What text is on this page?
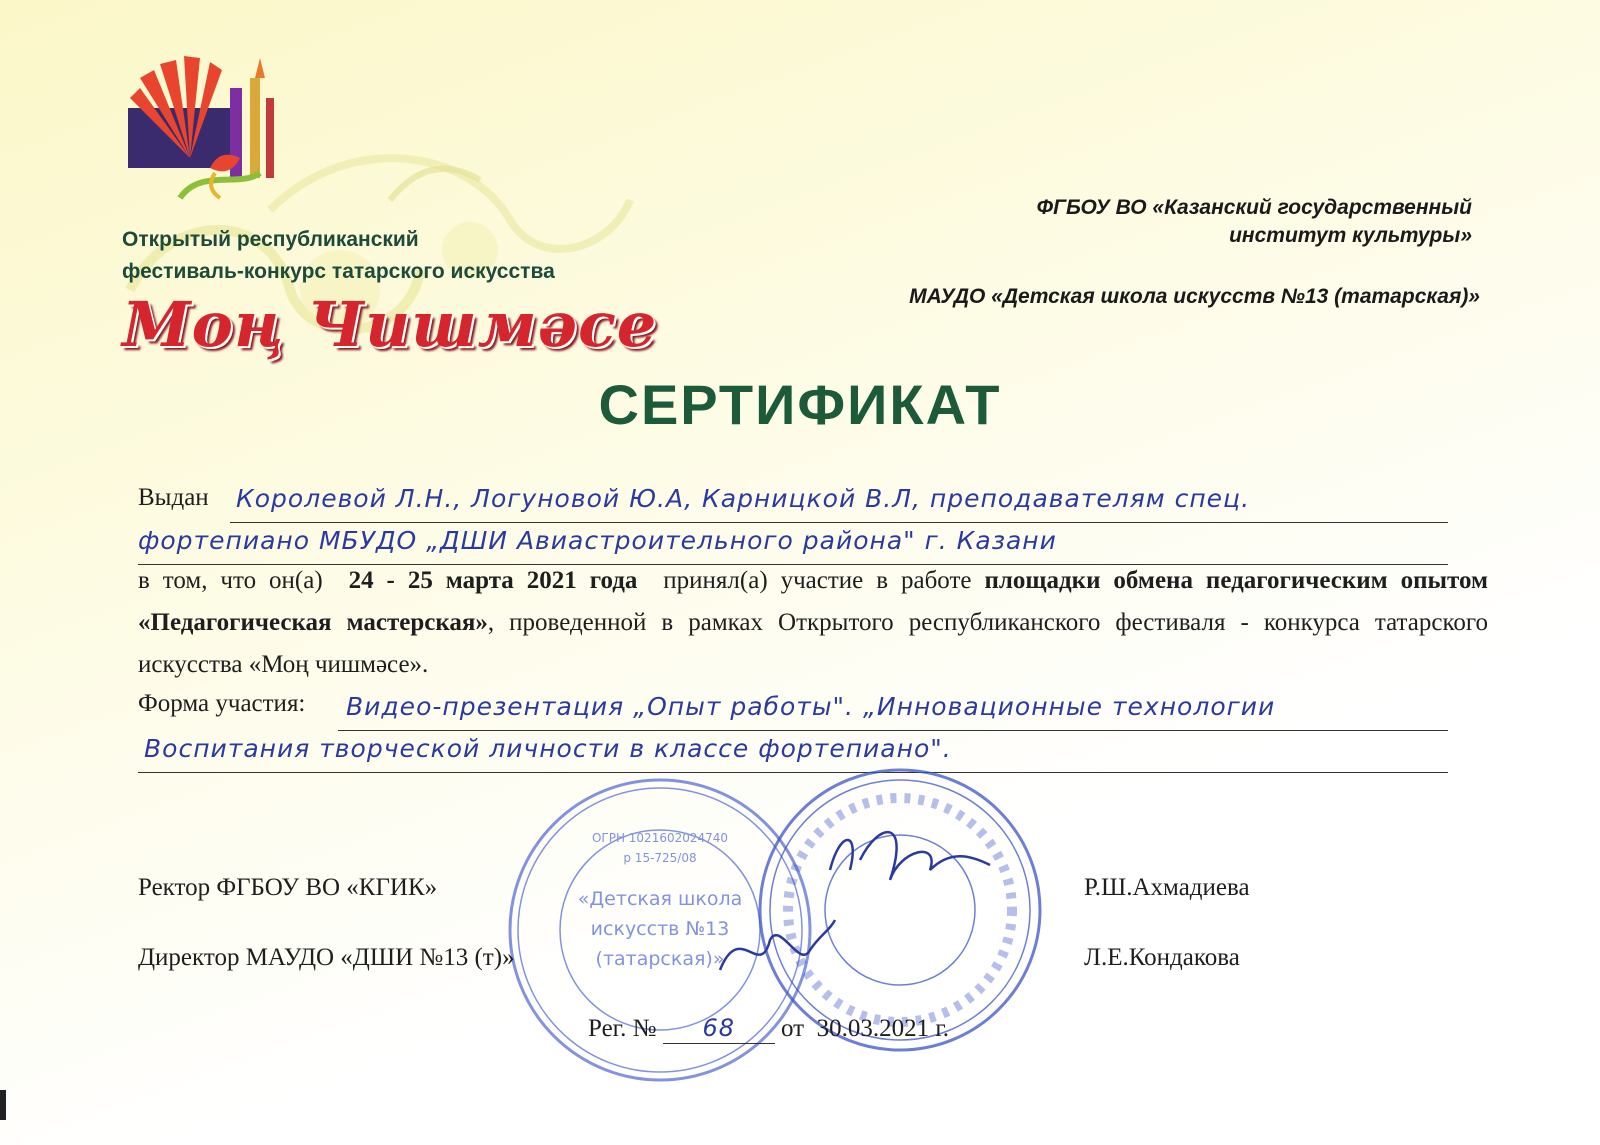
Открытый республиканский
фестиваль-конкурс татарского искусства
Моң Чишмәсе
ФГБОУ ВО «Казанский государственный
институт культуры»
МАУДО «Детская школа искусств №13 (татарская)»
СЕРТИФИКАТ
Выдан Королевой Л.Н., Логуновой Ю.А, Карницкой В.Л, преподавателям спец.
фортепиано МБУДО „ДШИ Авиастроительного района" г. Казани
в том, что он(а) 24 - 25 марта 2021 года принял(а) участие в работе площадки обмена педагогическим опытом «Педагогическая мастерская», проведенной в рамках Открытого республиканского фестиваля - конкурса татарского искусства «Моң чишмәсе».
Форма участия: Видео-презентация „Опыт работы". „Инновационные технологии
Воспитания творческой личности в классе фортепиано".
ОГРН 1021602024740
р 15-725/08
«Детская школа
искусств №13
(татарская)»
Ректор ФГБОУ ВО «КГИК»	Р.Ш.Ахмадиева
Директор МАУДО «ДШИ №13 (т)»	Л.Е.Кондакова
Рег. № 68 от 30.03.2021 г.
